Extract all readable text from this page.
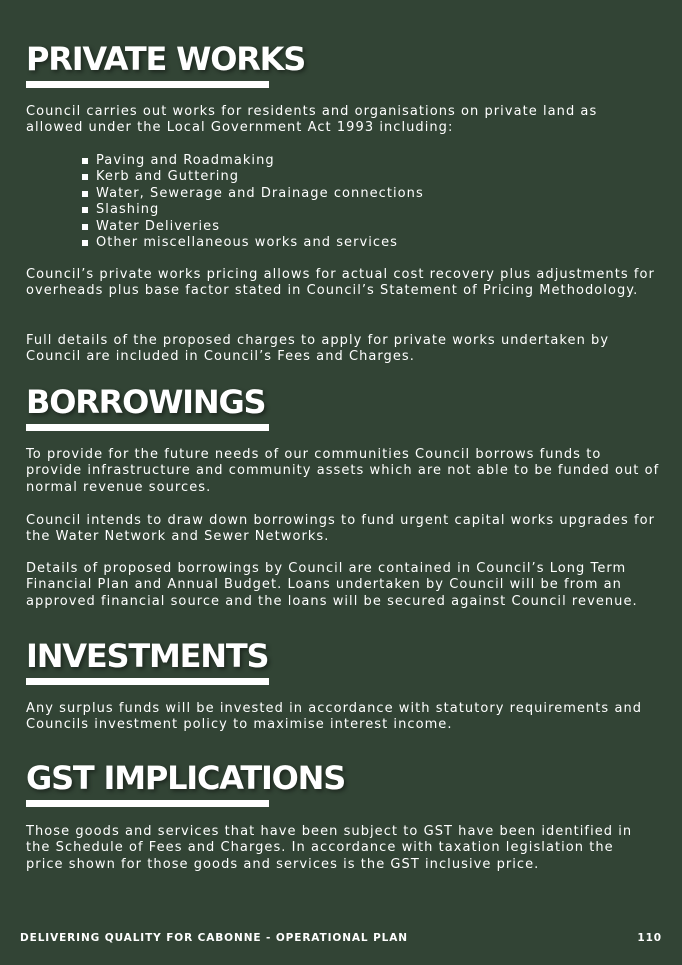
PRIVATE WORKS

Council carries out works for residents and organisations on private land as allowed under the Local Government Act 1993 including:

Paving and Roadmaking
Kerb and Guttering
Water, Sewerage and Drainage connections
Slashing
Water Deliveries
Other miscellaneous works and services

Council’s private works pricing allows for actual cost recovery plus adjustments for overheads plus base factor stated in Council’s Statement of Pricing Methodology.

Full details of the proposed charges to apply for private works undertaken by Council are included in Council’s Fees and Charges.

BORROWINGS

To provide for the future needs of our communities Council borrows funds to provide infrastructure and community assets which are not able to be funded out of normal revenue sources.

Council intends to draw down borrowings to fund urgent capital works upgrades for the Water Network and Sewer Networks.

Details of proposed borrowings by Council are contained in Council’s Long Term Financial Plan and Annual Budget. Loans undertaken by Council will be from an approved financial source and the loans will be secured against Council revenue.

INVESTMENTS

Any surplus funds will be invested in accordance with statutory requirements and Councils investment policy to maximise interest income.

GST IMPLICATIONS

Those goods and services that have been subject to GST have been identified in the Schedule of Fees and Charges. In accordance with taxation legislation the price shown for those goods and services is the GST inclusive price.

DELIVERING QUALITY FOR CABONNE - OPERATIONAL PLAN	110
